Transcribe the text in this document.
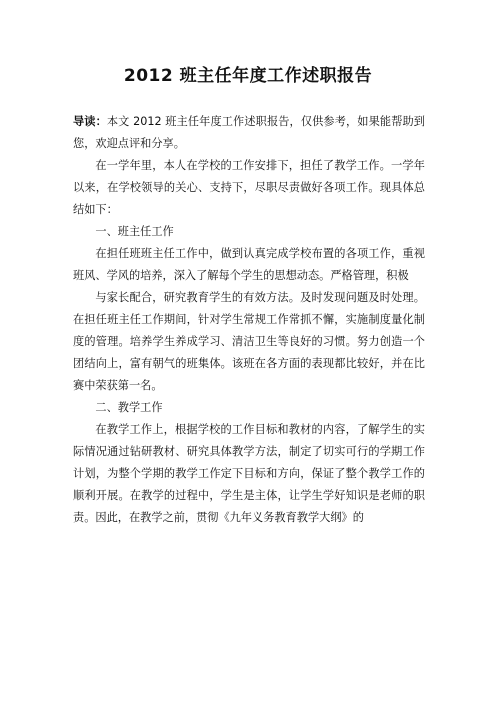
2012 班主任年度工作述职报告

导读：本文 2012 班主任年度工作述职报告，仅供参考，如果能帮助到您，欢迎点评和分享。

在一学年里，本人在学校的工作安排下，担任了教学工作。一学年以来，在学校领导的关心、支持下，尽职尽责做好各项工作。现具体总结如下：

一、班主任工作

在担任班班主任工作中，做到认真完成学校布置的各项工作，重视班风、学风的培养，深入了解每个学生的思想动态。严格管理，积极

与家长配合，研究教育学生的有效方法。及时发现问题及时处理。在担任班主任工作期间，针对学生常规工作常抓不懈，实施制度量化制度的管理。培养学生养成学习、清洁卫生等良好的习惯。努力创造一个团结向上，富有朝气的班集体。该班在各方面的表现都比较好，并在比赛中荣获第一名。

二、教学工作

在教学工作上，根据学校的工作目标和教材的内容，了解学生的实际情况通过钻研教材、研究具体教学方法，制定了切实可行的学期工作计划，为整个学期的教学工作定下目标和方向，保证了整个教学工作的顺利开展。在教学的过程中，学生是主体，让学生学好知识是老师的职责。因此，在教学之前，贯彻《九年义务教育教学大纲》的
